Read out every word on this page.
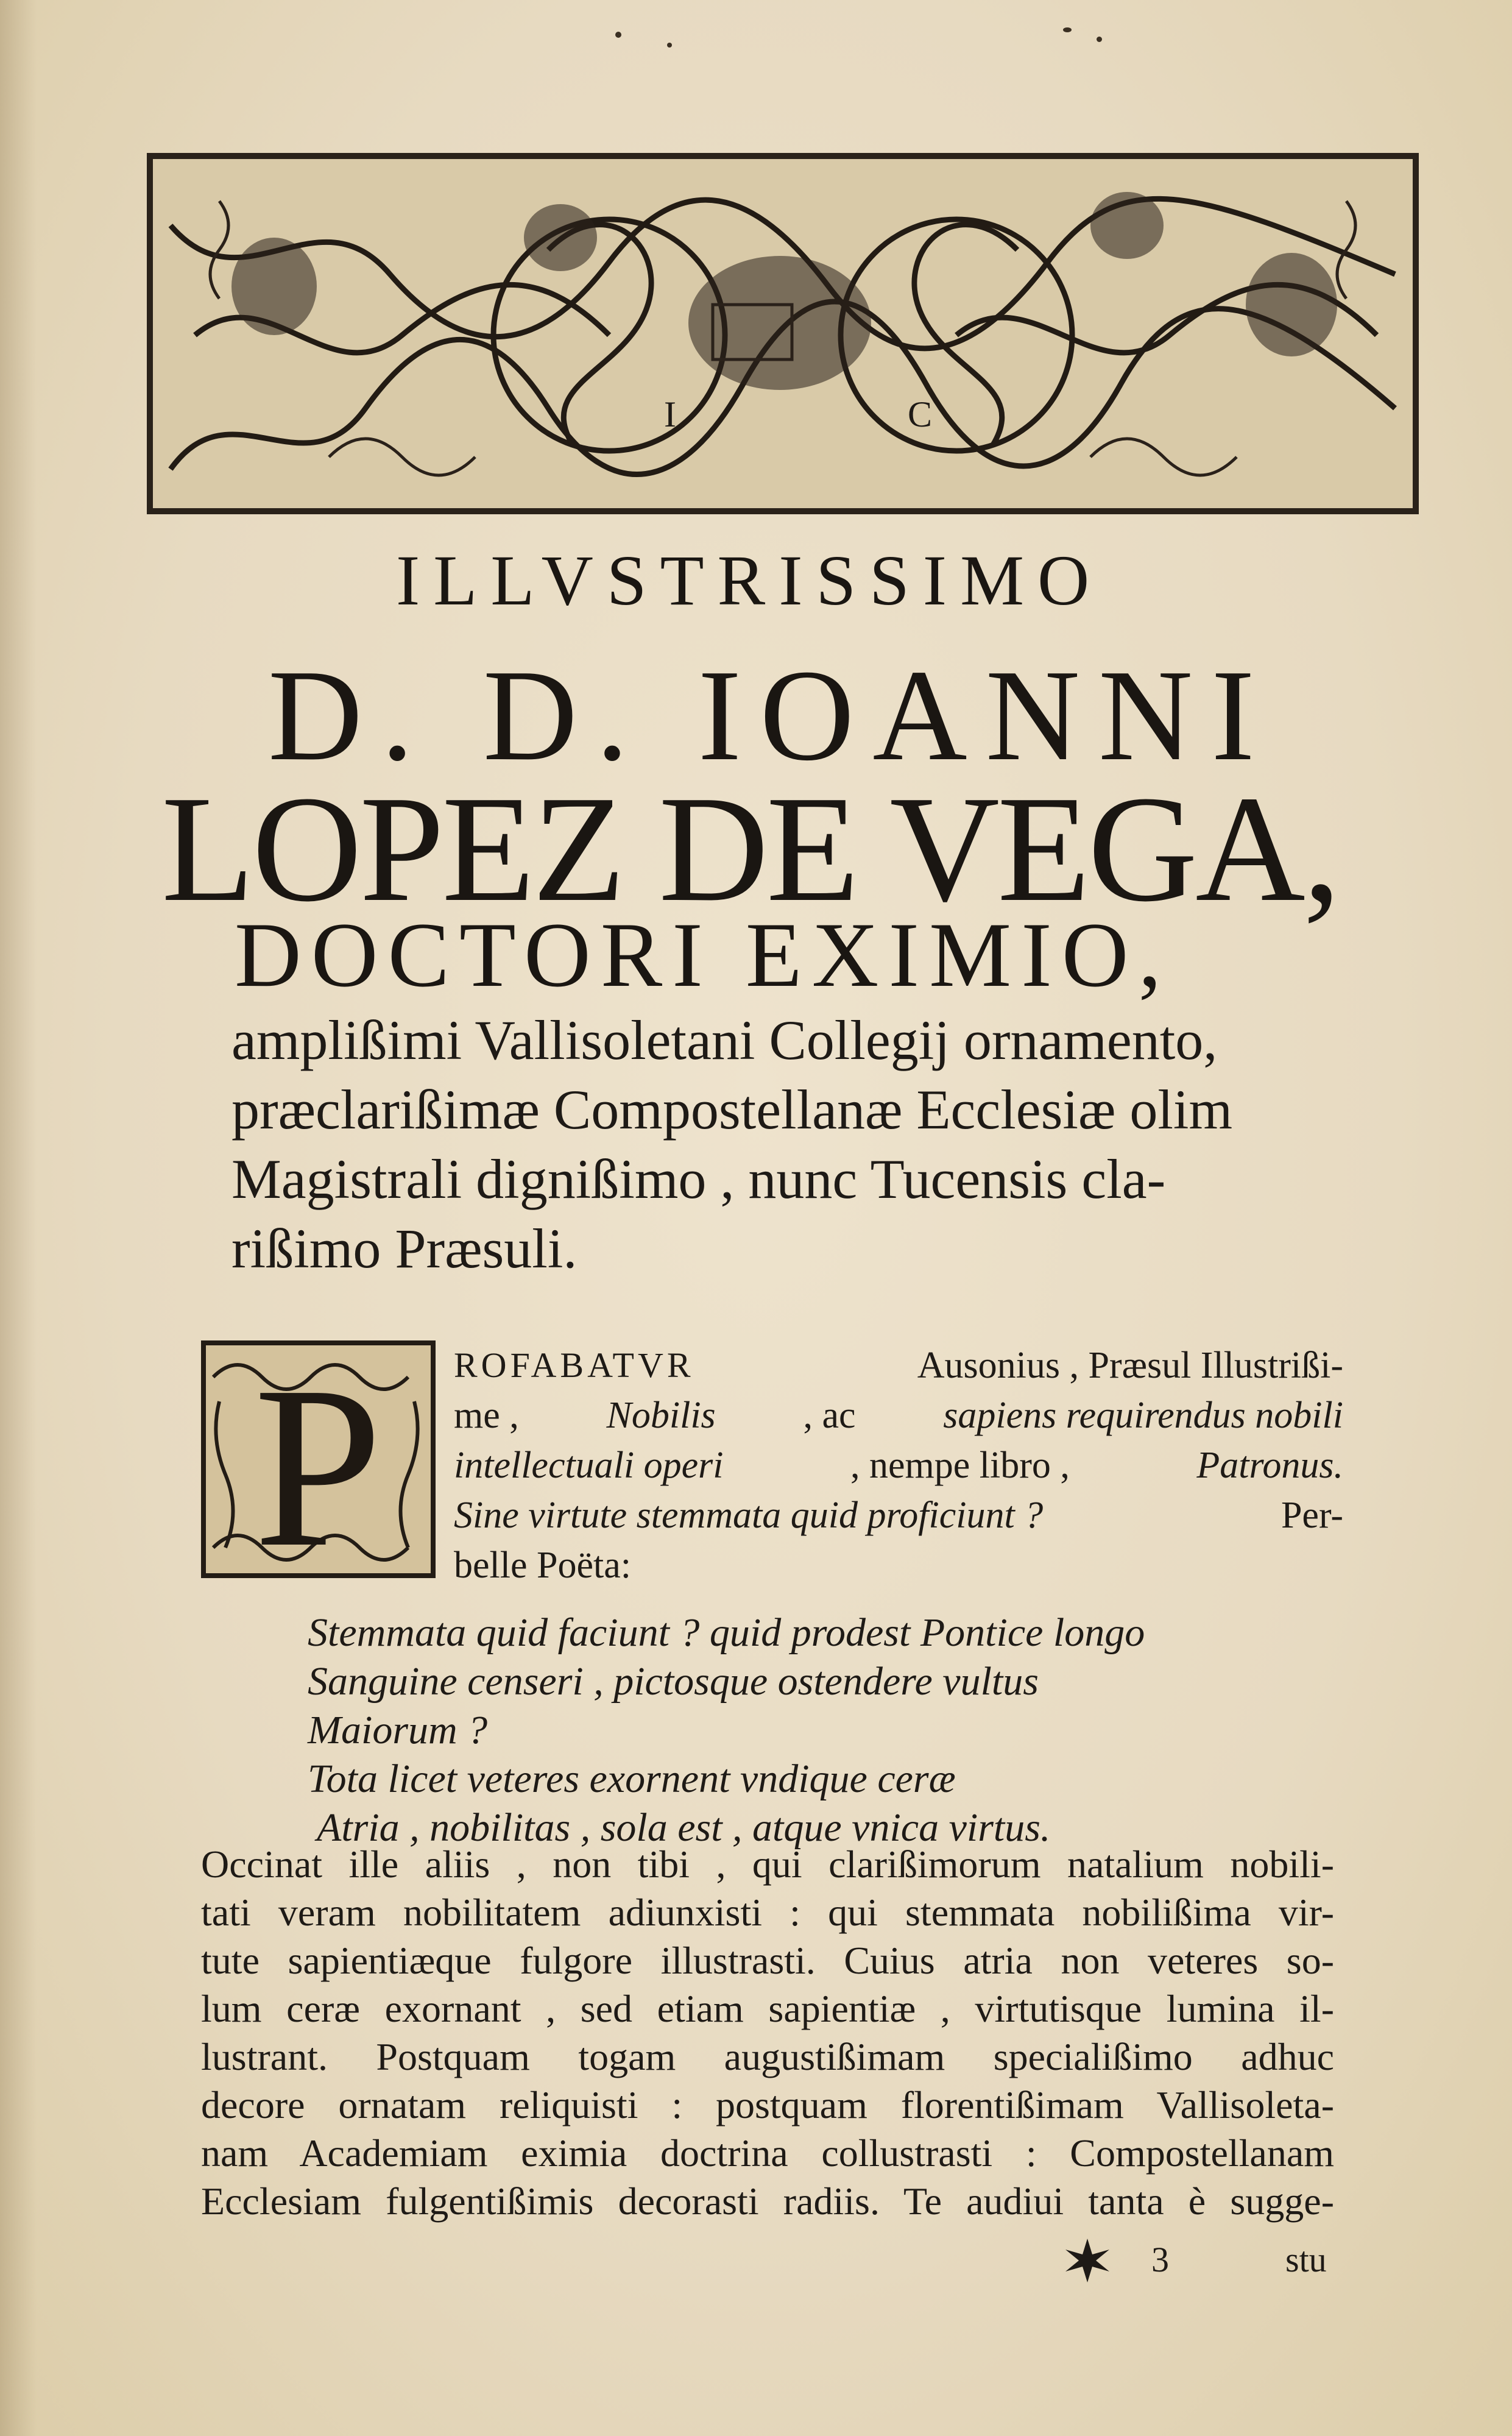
I	C
ILLVSTRISSIMO
D. D. IOANNI
LOPEZ DE VEGA,
DOCTORI EXIMIO,
amplißimi Vallisoletani Collegij ornamento,
præclarißimæ Compostellanæ Ecclesiæ olim
Magistrali dignißimo , nunc Tucensis cla-
rißimo Præsuli.
P ROFABATVR	Ausonius , Præsul Illustrißi-
me , Nobilis , ac sapiens requirendus nobili
intellectuali operi	, nempe libro ,	Patronus.
Sine virtute stemmata quid proficiunt ?	Per-
belle Poëta:
Stemmata quid faciunt ? quid prodest Pontice longo
Sanguine censeri , pictosque ostendere vultus
Maiorum ?
Tota licet veteres exornent vndique ceræ
Atria , nobilitas , sola est , atque vnica virtus.
Occinat ille aliis , non tibi , qui clarißimorum natalium nobili-
tati veram nobilitatem adiunxisti : qui stemmata nobilißima vir-
tute sapientiæque fulgore illustrasti. Cuius atria non veteres so-
lum ceræ exornant , sed etiam sapientiæ , virtutisque lumina il-
lustrant. Postquam togam augustißimam specialißimo adhuc
decore ornatam reliquisti : postquam florentißimam Vallisoleta-
nam Academiam eximia doctrina collustrasti : Compostellanam
Ecclesiam fulgentißimis decorasti radiis. Te audiui tanta è sugge-
3	stu
